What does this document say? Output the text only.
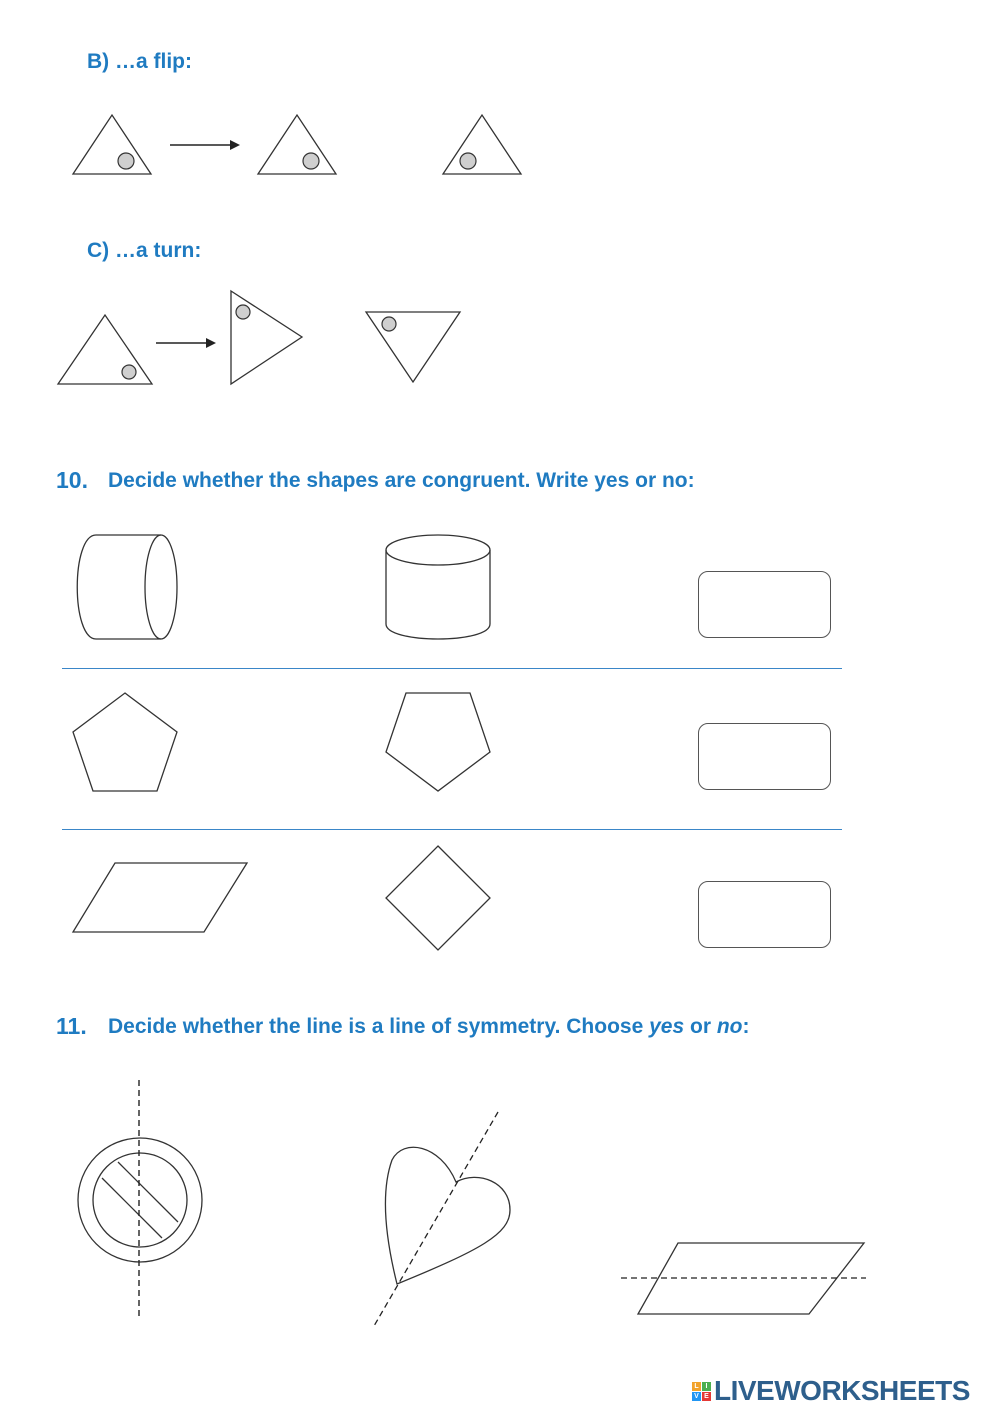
B) …a flip:
C) …a turn:
10. Decide whether the shapes are congruent. Write yes or no:
11. Decide whether the line is a line of symmetry. Choose yes or no:
L I
V E LIVEWORKSHEETS
